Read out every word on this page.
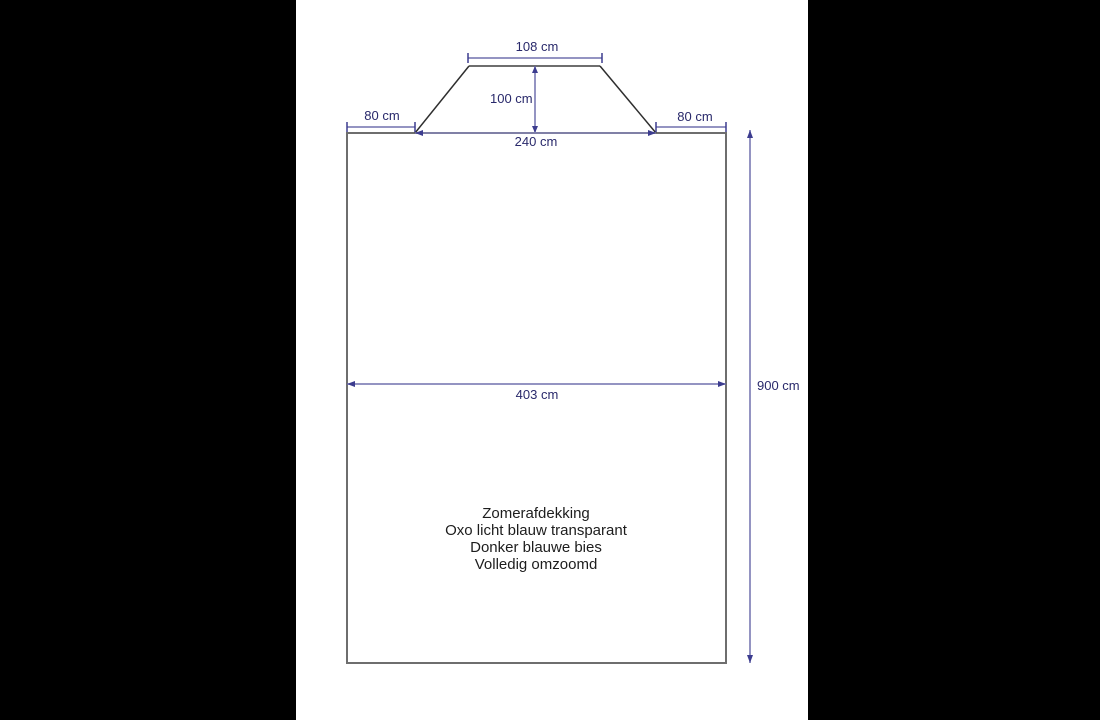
108 cm
100 cm
80 cm	80 cm
240 cm
403 cm
900 cm
Zomerafdekking
Oxo licht blauw transparant
Donker blauwe bies
Volledig omzoomd
